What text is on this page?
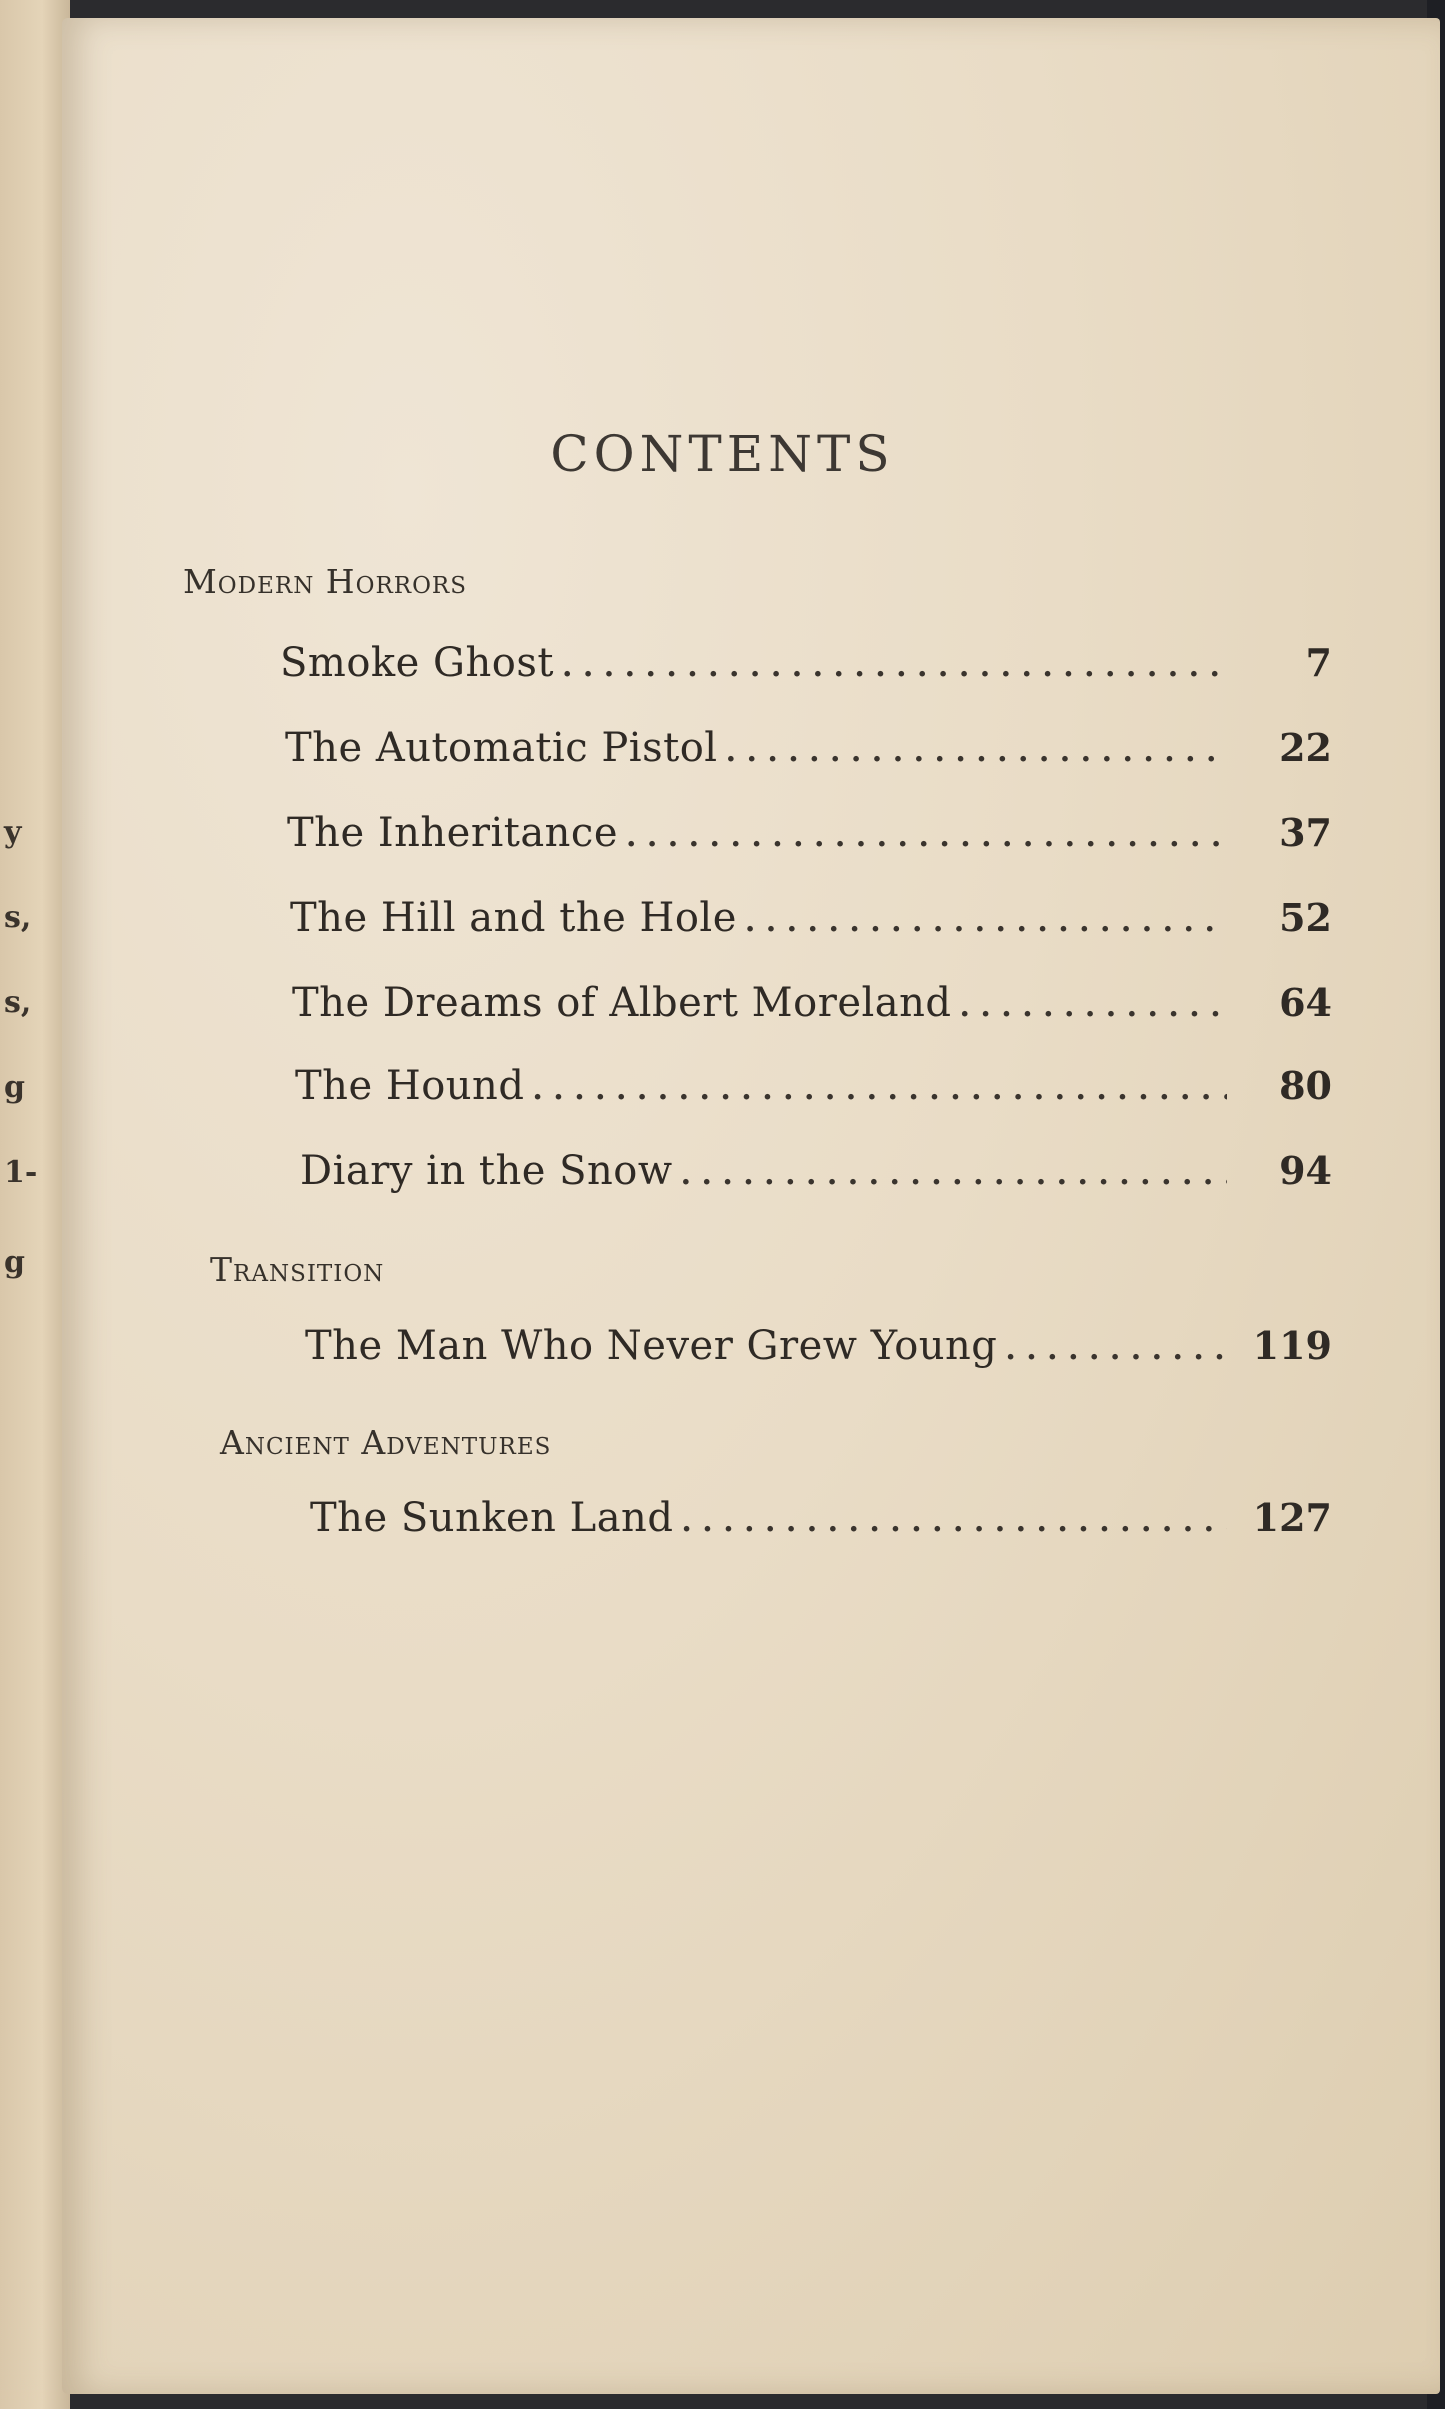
y
s,
s,
g
1-
g
CONTENTS
Modern Horrors
Smoke Ghost . . .	7
The Automatic Pistol . . .	22
The Inheritance . . .	37
The Hill and the Hole . . .	52
The Dreams of Albert Moreland . . .	64
The Hound . . .	80
Diary in the Snow . . .	94
Transition
The Man Who Never Grew Young . . .	119
Ancient Adventures
The Sunken Land . . .	127
